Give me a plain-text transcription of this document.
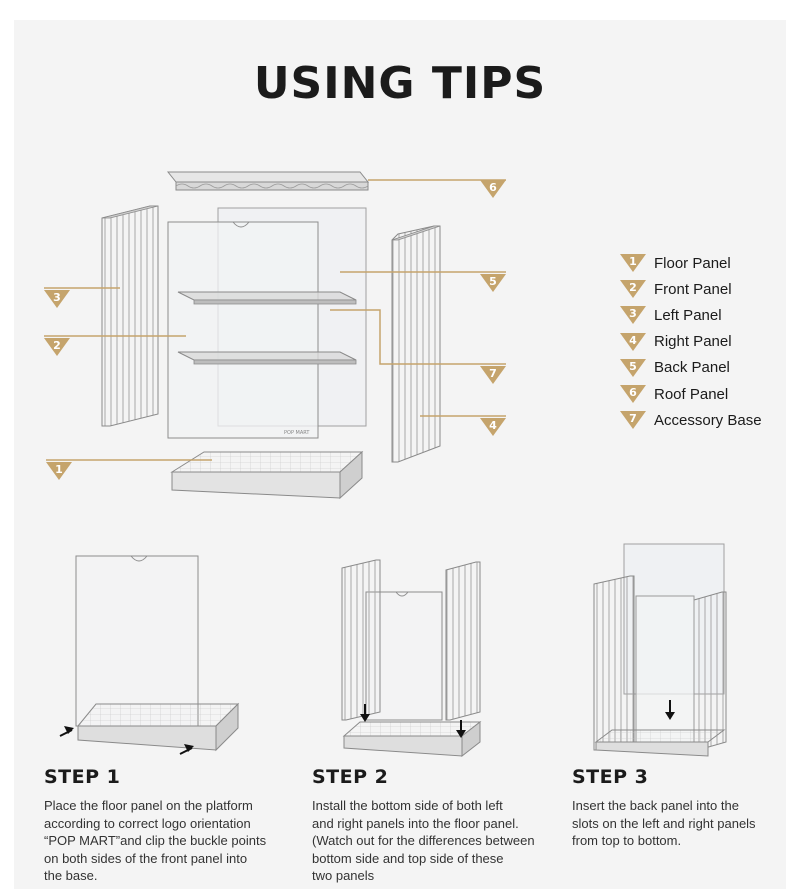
USING TIPS
POP MART
6
3
2
5
7
4
1
1	Floor Panel
2	Front Panel
3	Left Panel
4	Right Panel
5	Back Panel
6	Roof Panel
7	Accessory Base
STEP 1
Place the floor panel on the platform
according to correct logo orientation
“POP MART”and clip the buckle points
on both sides of the front panel into
the base.
STEP 2
Install the bottom side of both left
and right panels into the floor panel.
(Watch out for the differences between
bottom side and top side of these
two panels
STEP 3
Insert the back panel into the
slots on the left and right panels
from top to bottom.
